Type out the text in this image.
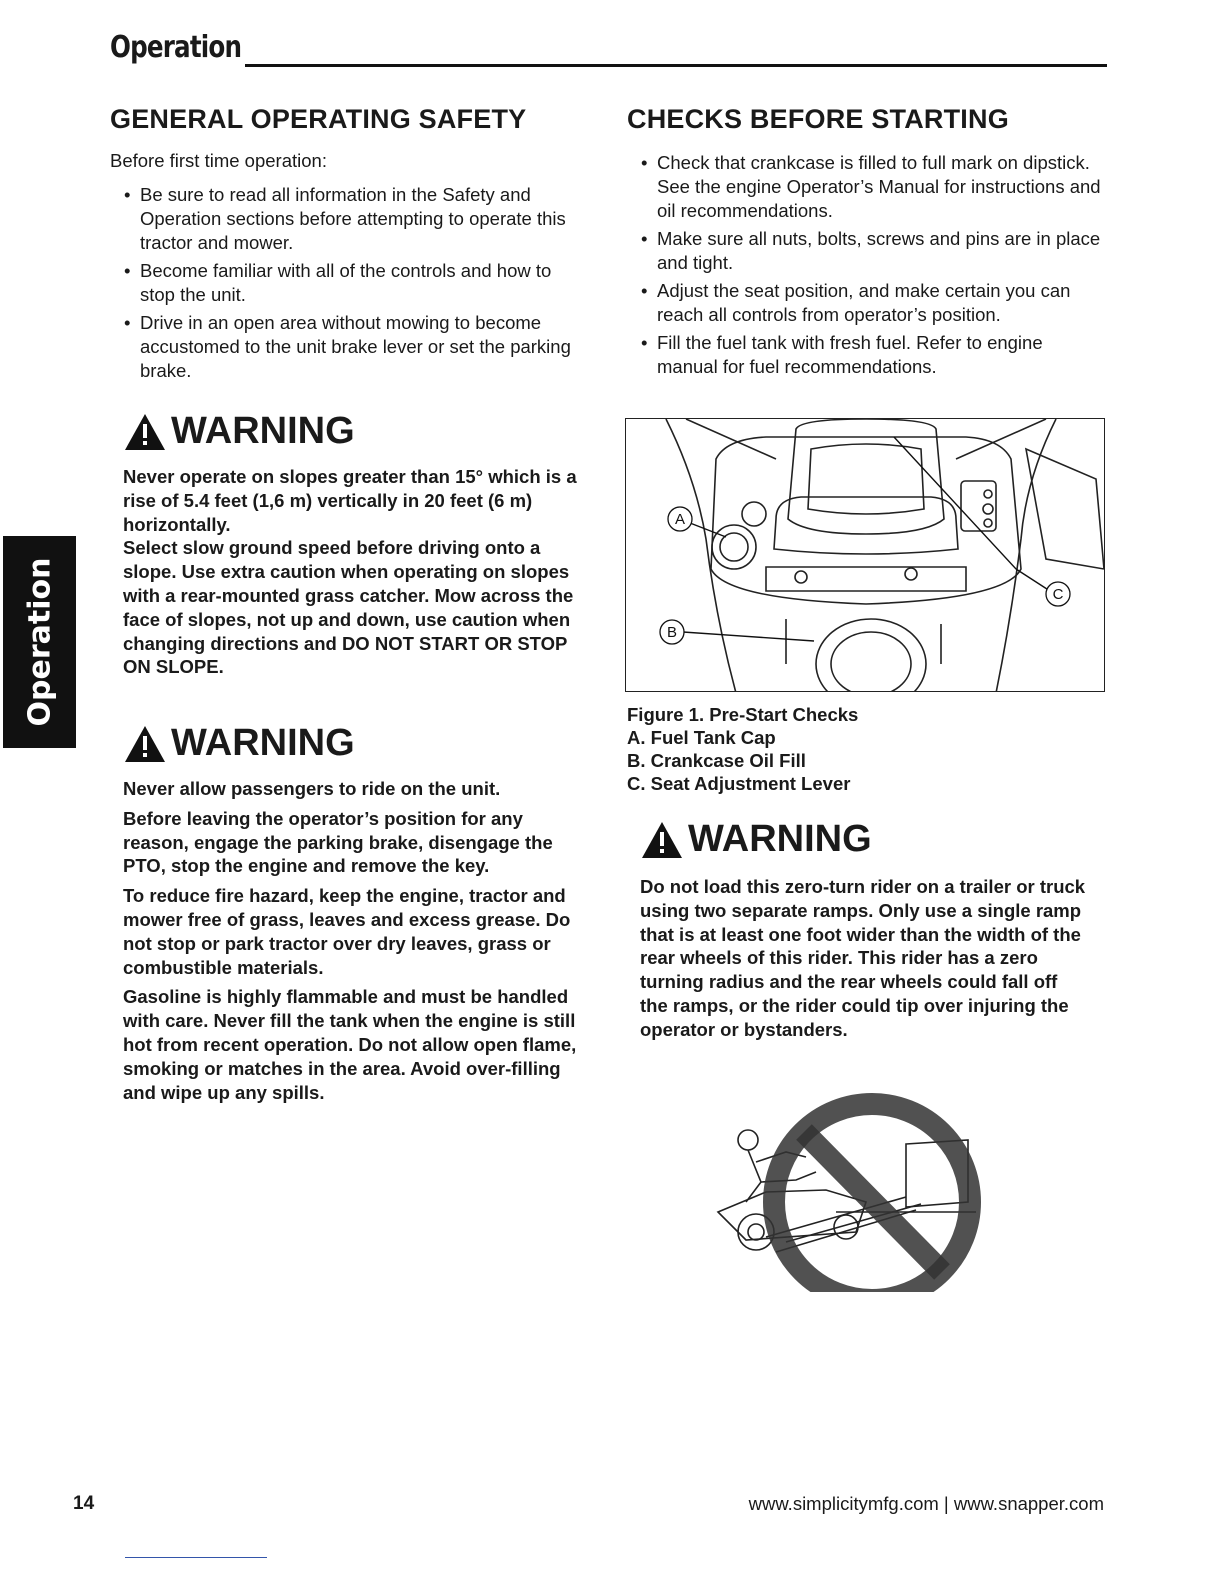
Operation
Operation
GENERAL OPERATING SAFETY

Before first time operation:

• Be sure to read all information in the Safety and Operation sections before attempting to operate this tractor and mower.
• Become familiar with all of the controls and how to stop the unit.
• Drive in an open area without mowing to become accustomed to the unit brake lever or set the parking brake.
CHECKS BEFORE STARTING
• Check that crankcase is filled to full mark on dipstick. See the engine Operator’s Manual for instructions and oil recommendations.
• Make sure all nuts, bolts, screws and pins are in place and tight.
• Adjust the seat position, and make certain you can reach all controls from operator’s position.
• Fill the fuel tank with fresh fuel. Refer to engine manual for fuel recommendations.
WARNING

Never operate on slopes greater than 15° which is a rise of 5.4 feet (1,6 m) vertically in 20 feet (6 m) horizontally.

Select slow ground speed before driving onto a slope. Use extra caution when operating on slopes with a rear-mounted grass catcher. Mow across the face of slopes, not up and down, use caution when changing directions and DO NOT START OR STOP ON SLOPE.

WARNING

Never allow passengers to ride on the unit.

Before leaving the operator’s position for any reason, engage the parking brake, disengage the PTO, stop the engine and remove the key.

To reduce fire hazard, keep the engine, tractor and mower free of grass, leaves and excess grease. Do not stop or park tractor over dry leaves, grass or combustible materials.

Gasoline is highly flammable and must be handled with care. Never fill the tank when the engine is still hot from recent operation. Do not allow open flame, smoking or matches in the area. Avoid over-filling and wipe up any spills.

A
B
C
Figure 1. Pre-Start Checks
A. Fuel Tank Cap
B. Crankcase Oil Fill
C. Seat Adjustment Lever
WARNING

Do not load this zero-turn rider on a trailer or truck using two separate ramps. Only use a single ramp that is at least one foot wider than the width of the rear wheels of this rider. This rider has a zero turning radius and the rear wheels could fall off the ramps, or the rider could tip over injuring the operator or bystanders.

14	www.simplicitymfg.com | www.snapper.com
